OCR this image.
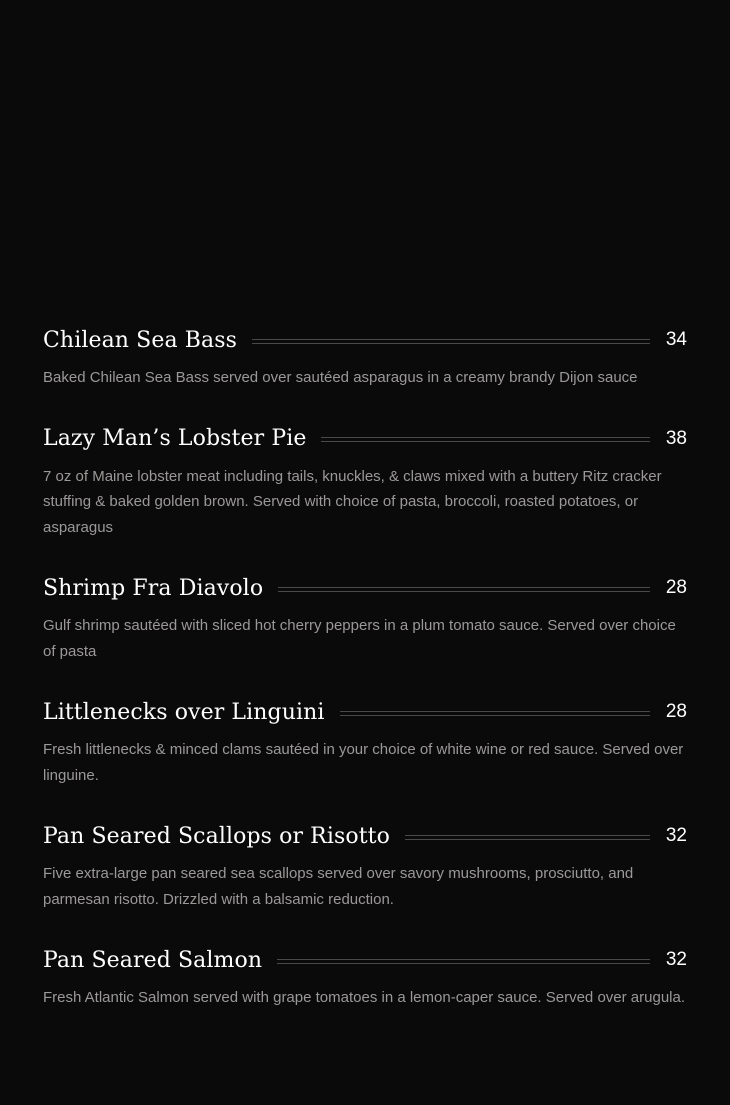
Chilean Sea Bass	34
Baked Chilean Sea Bass served over sautéed asparagus in a creamy brandy Dijon sauce
Lazy Man’s Lobster Pie	38
7 oz of Maine lobster meat including tails, knuckles, & claws mixed with a buttery Ritz cracker stuffing & baked golden brown. Served with choice of pasta, broccoli, roasted potatoes, or asparagus
Shrimp Fra Diavolo	28
Gulf shrimp sautéed with sliced hot cherry peppers in a plum tomato sauce. Served over choice of pasta
Littlenecks over Linguini	28
Fresh littlenecks & minced clams sautéed in your choice of white wine or red sauce. Served over linguine.
Pan Seared Scallops or Risotto	32
Five extra-large pan seared sea scallops served over savory mushrooms, prosciutto, and parmesan risotto. Drizzled with a balsamic reduction.
Pan Seared Salmon	32
Fresh Atlantic Salmon served with grape tomatoes in a lemon-caper sauce. Served over arugula.
